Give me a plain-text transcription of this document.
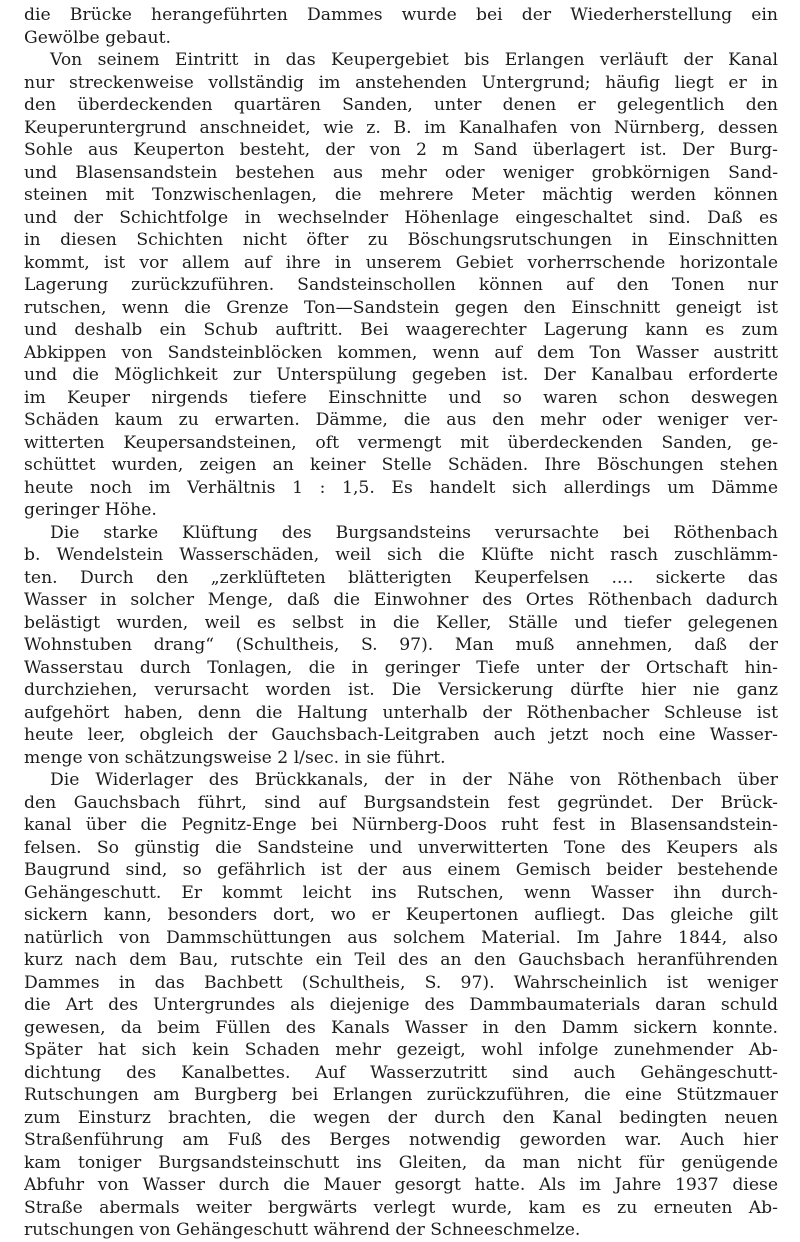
die Brücke herangeführten Dammes wurde bei der Wiederherstellung ein
Gewölbe gebaut.
Von seinem Eintritt in das Keupergebiet bis Erlangen verläuft der Kanal
nur streckenweise vollständig im anstehenden Untergrund; häufig liegt er in
den überdeckenden quartären Sanden, unter denen er gelegentlich den
Keuperuntergrund anschneidet, wie z. B. im Kanalhafen von Nürnberg, dessen
Sohle aus Keuperton besteht, der von 2 m Sand überlagert ist. Der Burg-
und Blasensandstein bestehen aus mehr oder weniger grobkörnigen Sand-
steinen mit Tonzwischenlagen, die mehrere Meter mächtig werden können
und der Schichtfolge in wechselnder Höhenlage eingeschaltet sind. Daß es
in diesen Schichten nicht öfter zu Böschungsrutschungen in Einschnitten
kommt, ist vor allem auf ihre in unserem Gebiet vorherrschende horizontale
Lagerung zurückzuführen. Sandsteinschollen können auf den Tonen nur
rutschen, wenn die Grenze Ton—Sandstein gegen den Einschnitt geneigt ist
und deshalb ein Schub auftritt. Bei waagerechter Lagerung kann es zum
Abkippen von Sandsteinblöcken kommen, wenn auf dem Ton Wasser austritt
und die Möglichkeit zur Unterspülung gegeben ist. Der Kanalbau erforderte
im Keuper nirgends tiefere Einschnitte und so waren schon deswegen
Schäden kaum zu erwarten. Dämme, die aus den mehr oder weniger ver-
witterten Keupersandsteinen, oft vermengt mit überdeckenden Sanden, ge-
schüttet wurden, zeigen an keiner Stelle Schäden. Ihre Böschungen stehen
heute noch im Verhältnis 1 : 1,5. Es handelt sich allerdings um Dämme
geringer Höhe.
Die starke Klüftung des Burgsandsteins verursachte bei Röthenbach
b. Wendelstein Wasserschäden, weil sich die Klüfte nicht rasch zuschlämm-
ten. Durch den „zerklüfteten blätterigten Keuperfelsen .... sickerte das
Wasser in solcher Menge, daß die Einwohner des Ortes Röthenbach dadurch
belästigt wurden, weil es selbst in die Keller, Ställe und tiefer gelegenen
Wohnstuben drang“ (Schultheis, S. 97). Man muß annehmen, daß der
Wasserstau durch Tonlagen, die in geringer Tiefe unter der Ortschaft hin-
durchziehen, verursacht worden ist. Die Versickerung dürfte hier nie ganz
aufgehört haben, denn die Haltung unterhalb der Röthenbacher Schleuse ist
heute leer, obgleich der Gauchsbach-Leitgraben auch jetzt noch eine Wasser-
menge von schätzungsweise 2 l/sec. in sie führt.
Die Widerlager des Brückkanals, der in der Nähe von Röthenbach über
den Gauchsbach führt, sind auf Burgsandstein fest gegründet. Der Brück-
kanal über die Pegnitz-Enge bei Nürnberg-Doos ruht fest in Blasensandstein-
felsen. So günstig die Sandsteine und unverwitterten Tone des Keupers als
Baugrund sind, so gefährlich ist der aus einem Gemisch beider bestehende
Gehängeschutt. Er kommt leicht ins Rutschen, wenn Wasser ihn durch-
sickern kann, besonders dort, wo er Keupertonen aufliegt. Das gleiche gilt
natürlich von Dammschüttungen aus solchem Material. Im Jahre 1844, also
kurz nach dem Bau, rutschte ein Teil des an den Gauchsbach heranführenden
Dammes in das Bachbett (Schultheis, S. 97). Wahrscheinlich ist weniger
die Art des Untergrundes als diejenige des Dammbaumaterials daran schuld
gewesen, da beim Füllen des Kanals Wasser in den Damm sickern konnte.
Später hat sich kein Schaden mehr gezeigt, wohl infolge zunehmender Ab-
dichtung des Kanalbettes. Auf Wasserzutritt sind auch Gehängeschutt-
Rutschungen am Burgberg bei Erlangen zurückzuführen, die eine Stützmauer
zum Einsturz brachten, die wegen der durch den Kanal bedingten neuen
Straßenführung am Fuß des Berges notwendig geworden war. Auch hier
kam toniger Burgsandsteinschutt ins Gleiten, da man nicht für genügende
Abfuhr von Wasser durch die Mauer gesorgt hatte. Als im Jahre 1937 diese
Straße abermals weiter bergwärts verlegt wurde, kam es zu erneuten Ab-
rutschungen von Gehängeschutt während der Schneeschmelze.
